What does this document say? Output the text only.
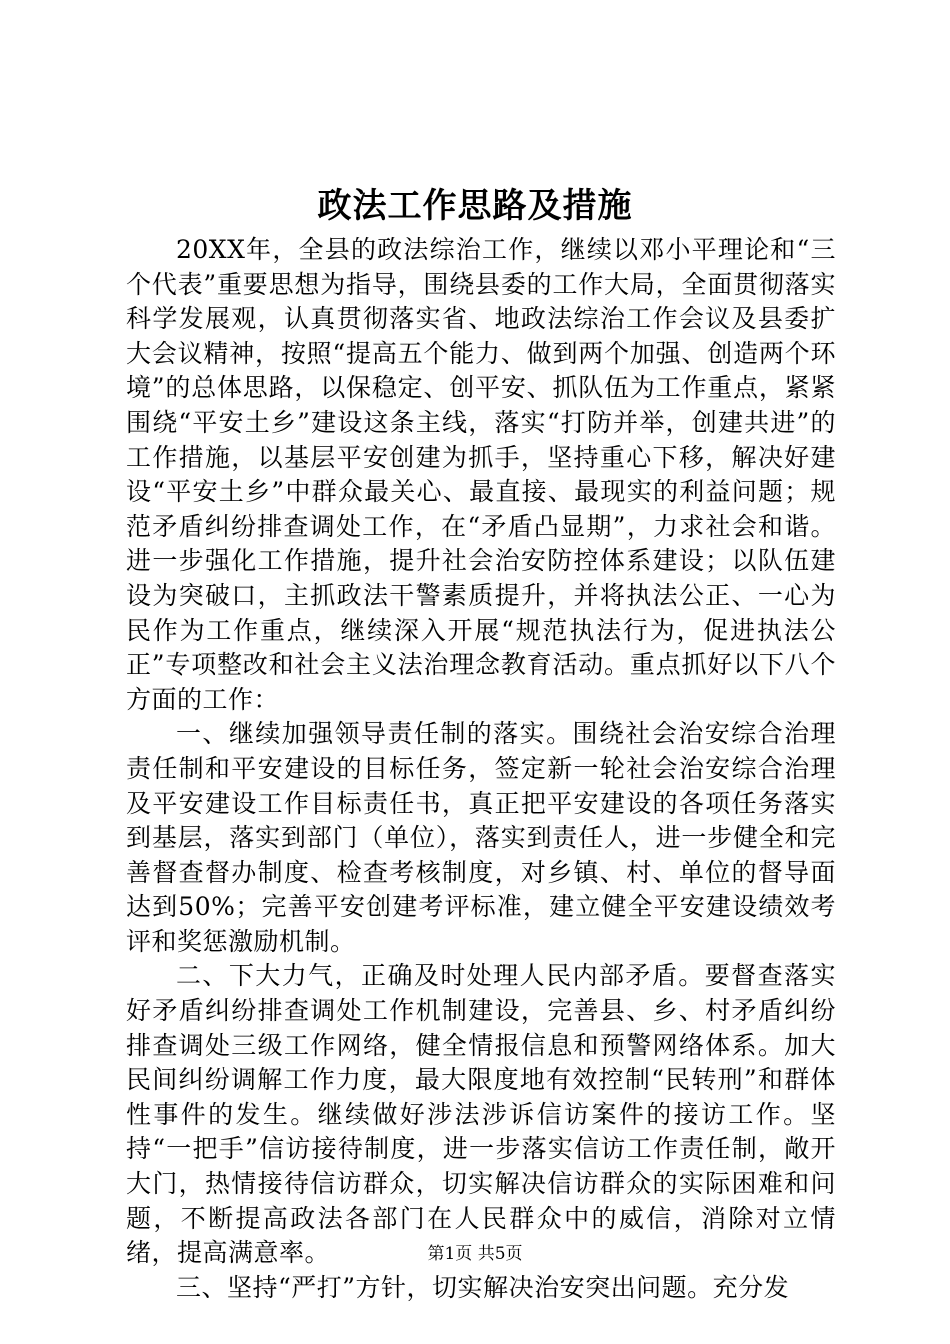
政法工作思路及措施

20XX年，全县的政法综治工作，继续以邓小平理论和“三个代表”重要思想为指导，围绕县委的工作大局，全面贯彻落实科学发展观，认真贯彻落实省、地政法综治工作会议及县委扩大会议精神，按照“提高五个能力、做到两个加强、创造两个环境”的总体思路，以保稳定、创平安、抓队伍为工作重点，紧紧围绕“平安土乡”建设这条主线，落实“打防并举，创建共进”的工作措施，以基层平安创建为抓手，坚持重心下移，解决好建设“平安土乡”中群众最关心、最直接、最现实的利益问题；规范矛盾纠纷排查调处工作，在“矛盾凸显期”，力求社会和谐。进一步强化工作措施，提升社会治安防控体系建设；以队伍建设为突破口，主抓政法干警素质提升，并将执法公正、一心为民作为工作重点，继续深入开展“规范执法行为，促进执法公正”专项整改和社会主义法治理念教育活动。重点抓好以下八个方面的工作：

一、继续加强领导责任制的落实。围绕社会治安综合治理责任制和平安建设的目标任务，签定新一轮社会治安综合治理及平安建设工作目标责任书，真正把平安建设的各项任务落实到基层，落实到部门（单位），落实到责任人，进一步健全和完善督查督办制度、检查考核制度，对乡镇、村、单位的督导面达到50%；完善平安创建考评标准，建立健全平安建设绩效考评和奖惩激励机制。

二、下大力气，正确及时处理人民内部矛盾。要督查落实好矛盾纠纷排查调处工作机制建设，完善县、乡、村矛盾纠纷排查调处三级工作网络，健全情报信息和预警网络体系。加大民间纠纷调解工作力度，最大限度地有效控制“民转刑”和群体性事件的发生。继续做好涉法涉诉信访案件的接访工作。坚持“一把手”信访接待制度，进一步落实信访工作责任制，敞开大门，热情接待信访群众，切实解决信访群众的实际困难和问题，不断提高政法各部门在人民群众中的威信，消除对立情绪，提高满意率。

三、坚持“严打”方针，切实解决治安突出问题。充分发

第1页 共5页
